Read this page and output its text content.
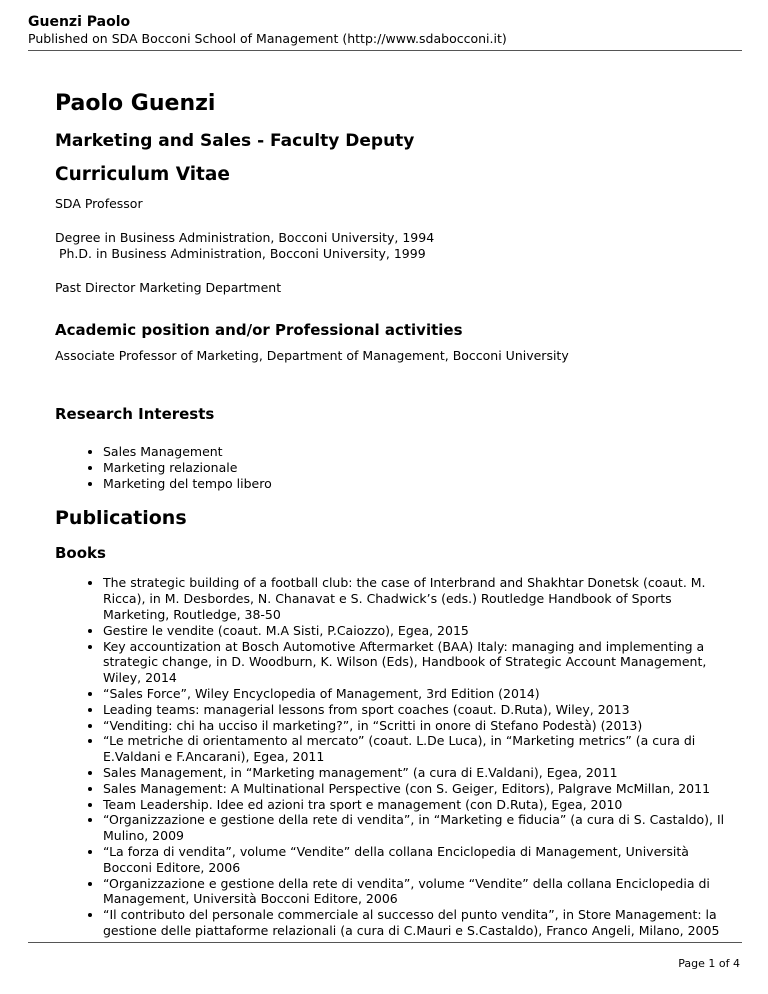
Guenzi Paolo
Published on SDA Bocconi School of Management (http://www.sdabocconi.it)
Paolo Guenzi
Marketing and Sales - Faculty Deputy
Curriculum Vitae

SDA Professor

Degree in Business Administration, Bocconi University, 1994

Ph.D. in Business Administration, Bocconi University, 1999

Past Director Marketing Department

Academic position and/or Professional activities

Associate Professor of Marketing, Department of Management, Bocconi University

Research Interests
• Sales Management
• Marketing relazionale
• Marketing del tempo libero
Publications
Books
• The strategic building of a football club: the case of Interbrand and Shakhtar Donetsk (coaut. M. Ricca), in M. Desbordes, N. Chanavat e S. Chadwick’s (eds.) Routledge Handbook of Sports Marketing, Routledge, 38-50
• Gestire le vendite (coaut. M.A Sisti, P.Caiozzo), Egea, 2015
• Key accountization at Bosch Automotive Aftermarket (BAA) Italy: managing and implementing a strategic change, in D. Woodburn, K. Wilson (Eds), Handbook of Strategic Account Management, Wiley, 2014
• “Sales Force”, Wiley Encyclopedia of Management, 3rd Edition (2014)
• Leading teams: managerial lessons from sport coaches (coaut. D.Ruta), Wiley, 2013
• “Venditing: chi ha ucciso il marketing?”, in “Scritti in onore di Stefano Podestà) (2013)
• “Le metriche di orientamento al mercato” (coaut. L.De Luca), in “Marketing metrics” (a cura di E.Valdani e F.Ancarani), Egea, 2011
• Sales Management, in “Marketing management” (a cura di E.Valdani), Egea, 2011
• Sales Management: A Multinational Perspective (con S. Geiger, Editors), Palgrave McMillan, 2011
• Team Leadership. Idee ed azioni tra sport e management (con D.Ruta), Egea, 2010
• “Organizzazione e gestione della rete di vendita”, in “Marketing e fiducia” (a cura di S. Castaldo), Il Mulino, 2009
• “La forza di vendita”, volume “Vendite” della collana Enciclopedia di Management, Università Bocconi Editore, 2006
• “Organizzazione e gestione della rete di vendita”, volume “Vendite” della collana Enciclopedia di Management, Università Bocconi Editore, 2006
• “Il contributo del personale commerciale al successo del punto vendita”, in Store Management: la gestione delle piattaforme relazionali (a cura di C.Mauri e S.Castaldo), Franco Angeli, Milano, 2005
Page 1 of 4
